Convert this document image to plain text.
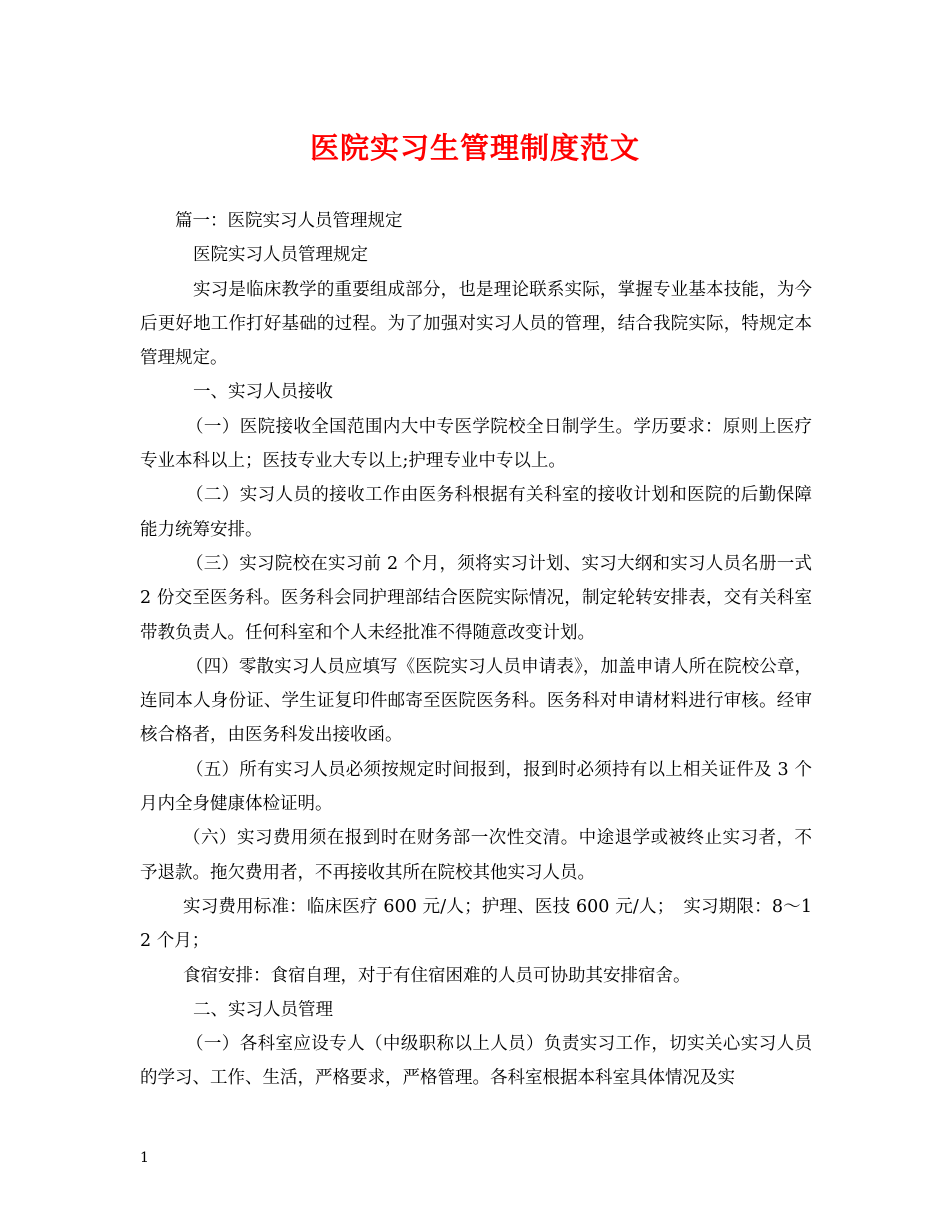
医院实习生管理制度范文

篇一：医院实习人员管理规定

医院实习人员管理规定

实习是临床教学的重要组成部分，也是理论联系实际，掌握专业基本技能，为今后更好地工作打好基础的过程。为了加强对实习人员的管理，结合我院实际，特规定本管理规定。

一、实习人员接收

（一）医院接收全国范围内大中专医学院校全日制学生。学历要求：原则上医疗专业本科以上；医技专业大专以上;护理专业中专以上。

（二）实习人员的接收工作由医务科根据有关科室的接收计划和医院的后勤保障能力统筹安排。

（三）实习院校在实习前 2 个月，须将实习计划、实习大纲和实习人员名册一式 2 份交至医务科。医务科会同护理部结合医院实际情况，制定轮转安排表，交有关科室带教负责人。任何科室和个人未经批准不得随意改变计划。

（四）零散实习人员应填写《医院实习人员申请表》，加盖申请人所在院校公章，连同本人身份证、学生证复印件邮寄至医院医务科。医务科对申请材料进行审核。经审核合格者，由医务科发出接收函。

（五）所有实习人员必须按规定时间报到，报到时必须持有以上相关证件及 3 个月内全身健康体检证明。

（六）实习费用须在报到时在财务部一次性交清。中途退学或被终止实习者，不予退款。拖欠费用者，不再接收其所在院校其他实习人员。

实习费用标准：临床医疗 600 元/人；护理、医技 600 元/人；　实习期限：8～12 个月；

食宿安排：食宿自理，对于有住宿困难的人员可协助其安排宿舍。

二、实习人员管理

（一）各科室应设专人（中级职称以上人员）负责实习工作，切实关心实习人员的学习、工作、生活，严格要求，严格管理。各科室根据本科室具体情况及实

1
